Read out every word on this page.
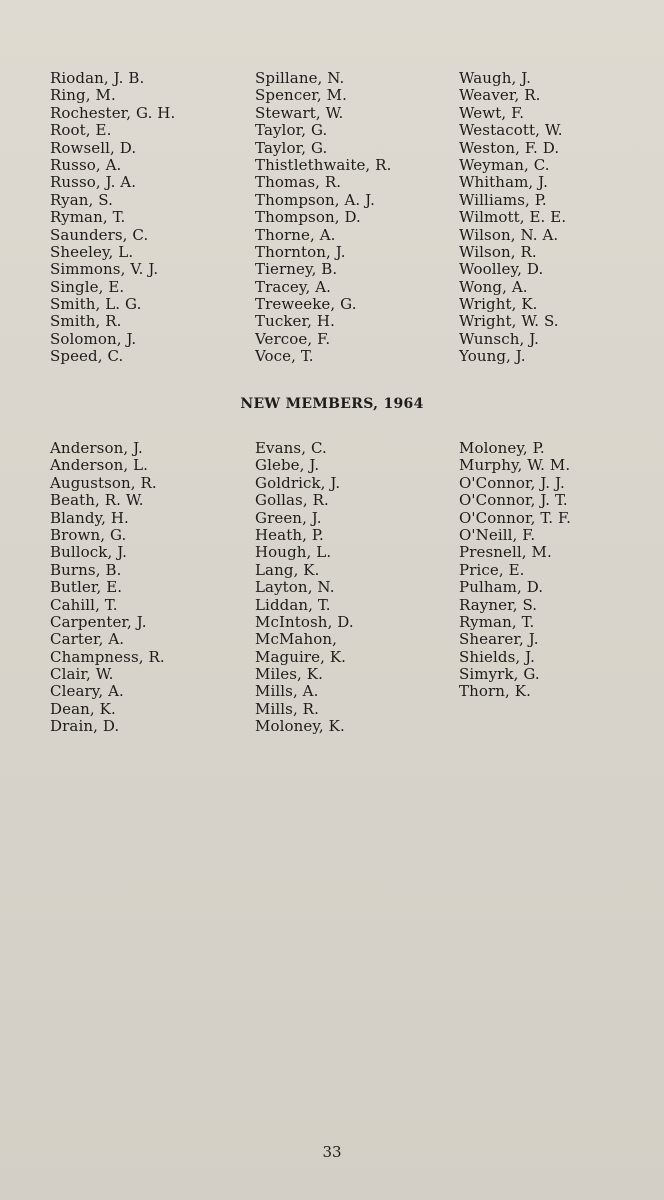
Riodan, J. B.
Ring, M.
Rochester, G. H.
Root, E.
Rowsell, D.
Russo, A.
Russo, J. A.
Ryan, S.
Ryman, T.
Saunders, C.
Sheeley, L.
Simmons, V. J.
Single, E.
Smith, L. G.
Smith, R.
Solomon, J.
Speed, C.
Spillane, N.
Spencer, M.
Stewart, W.
Taylor, G.
Taylor, G.
Thistlethwaite, R.
Thomas, R.
Thompson, A. J.
Thompson, D.
Thorne, A.
Thornton, J.
Tierney, B.
Tracey, A.
Treweeke, G.
Tucker, H.
Vercoe, F.
Voce, T.
Waugh, J.
Weaver, R.
Wewt, F.
Westacott, W.
Weston, F. D.
Weyman, C.
Whitham, J.
Williams, P.
Wilmott, E. E.
Wilson, N. A.
Wilson, R.
Woolley, D.
Wong, A.
Wright, K.
Wright, W. S.
Wunsch, J.
Young, J.
NEW MEMBERS, 1964
Anderson, J.
Anderson, L.
Augustson, R.
Beath, R. W.
Blandy, H.
Brown, G.
Bullock, J.
Burns, B.
Butler, E.
Cahill, T.
Carpenter, J.
Carter, A.
Champness, R.
Clair, W.
Cleary, A.
Dean, K.
Drain, D.
Evans, C.
Glebe, J.
Goldrick, J.
Gollas, R.
Green, J.
Heath, P.
Hough, L.
Lang, K.
Layton, N.
Liddan, T.
McIntosh, D.
McMahon,
Maguire, K.
Miles, K.
Mills, A.
Mills, R.
Moloney, K.
Moloney, P.
Murphy, W. M.
O'Connor, J. J.
O'Connor, J. T.
O'Connor, T. F.
O'Neill, F.
Presnell, M.
Price, E.
Pulham, D.
Rayner, S.
Ryman, T.
Shearer, J.
Shields, J.
Simyrk, G.
Thorn, K.
33
